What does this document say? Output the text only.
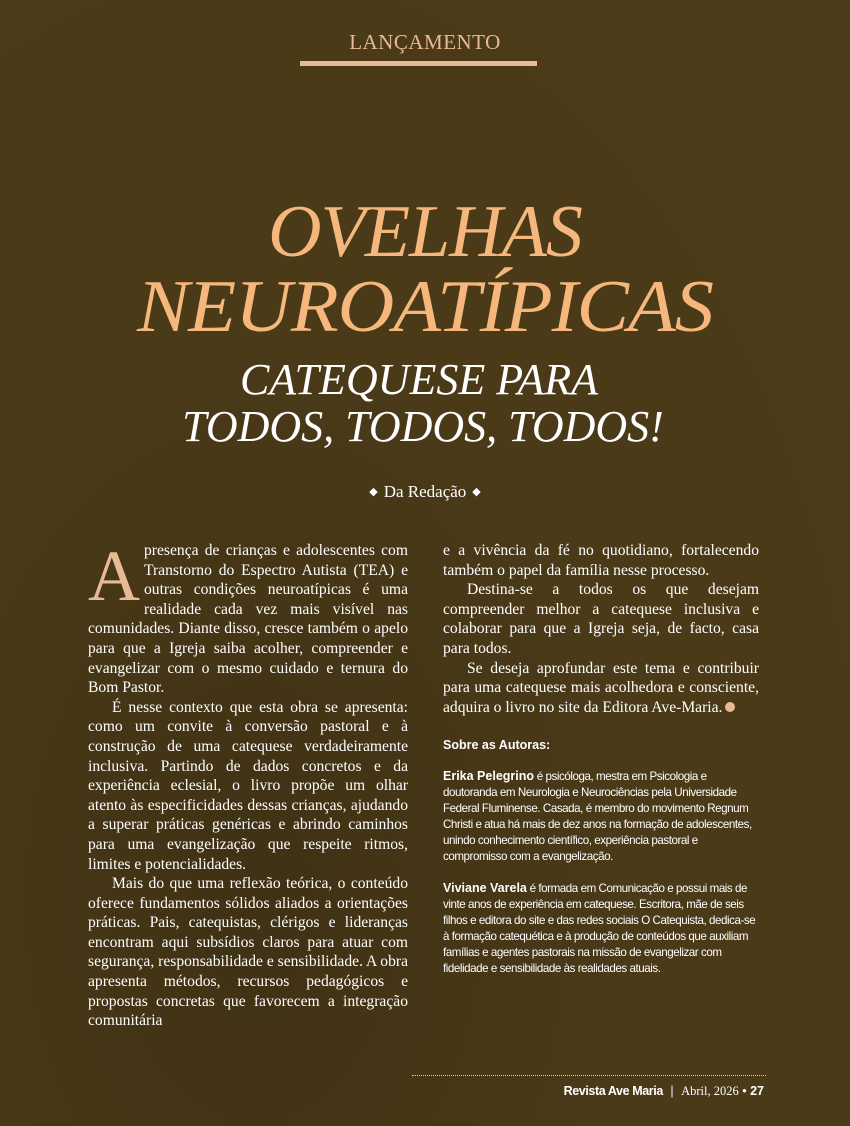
LANÇAMENTO
OVELHAS
NEUROATÍPICAS
CATEQUESE PARA
TODOS, TODOS, TODOS!
◆ Da Redação ◆

Apresença de crianças e adolescentes com Transtorno do Espectro Autista (TEA) e outras condições neuroatípicas é uma realidade cada vez mais visível nas comunidades. Diante disso, cresce também o apelo para que a Igreja saiba acolher, compreender e evangelizar com o mesmo cuidado e ternura do Bom Pastor.

É nesse contexto que esta obra se apresenta: como um convite à conversão pastoral e à construção de uma catequese verdadeiramente inclusiva. Partindo de dados concretos e da experiência eclesial, o livro propõe um olhar atento às especificidades dessas crianças, ajudando a superar práticas genéricas e abrindo caminhos para uma evangelização que respeite ritmos, limites e potencialidades.

Mais do que uma reflexão teórica, o conteúdo oferece fundamentos sólidos aliados a orientações práticas. Pais, catequistas, clérigos e lideranças encontram aqui subsídios claros para atuar com segurança, responsabilidade e sensibilidade. A obra apresenta métodos, recursos pedagógicos e propostas concretas que favorecem a integração comunitária

e a vivência da fé no quotidiano, fortalecendo também o papel da família nesse processo.

Destina-se a todos os que desejam compreender melhor a catequese inclusiva e colaborar para que a Igreja seja, de facto, casa para todos.

Se deseja aprofundar este tema e contribuir para uma catequese mais acolhedora e consciente, adquira o livro no site da Editora Ave-Maria.

Sobre as Autoras:

Erika Pelegrino é psicóloga, mestra em Psicologia e doutoranda em Neurologia e Neurociências pela Universidade Federal Fluminense. Casada, é membro do movimento Regnum Christi e atua há mais de dez anos na formação de adolescentes, unindo conhecimento científico, experiência pastoral e compromisso com a evangelização.

Viviane Varela é formada em Comunicação e possui mais de vinte anos de experiência em catequese. Escritora, mãe de seis filhos e editora do site e das redes sociais O Catequista, dedica-se à formação catequética e à produção de conteúdos que auxiliam famílias e agentes pastorais na missão de evangelizar com fidelidade e sensibilidade às realidades atuais.

Revista Ave Maria | Abril, 2026 • 27
